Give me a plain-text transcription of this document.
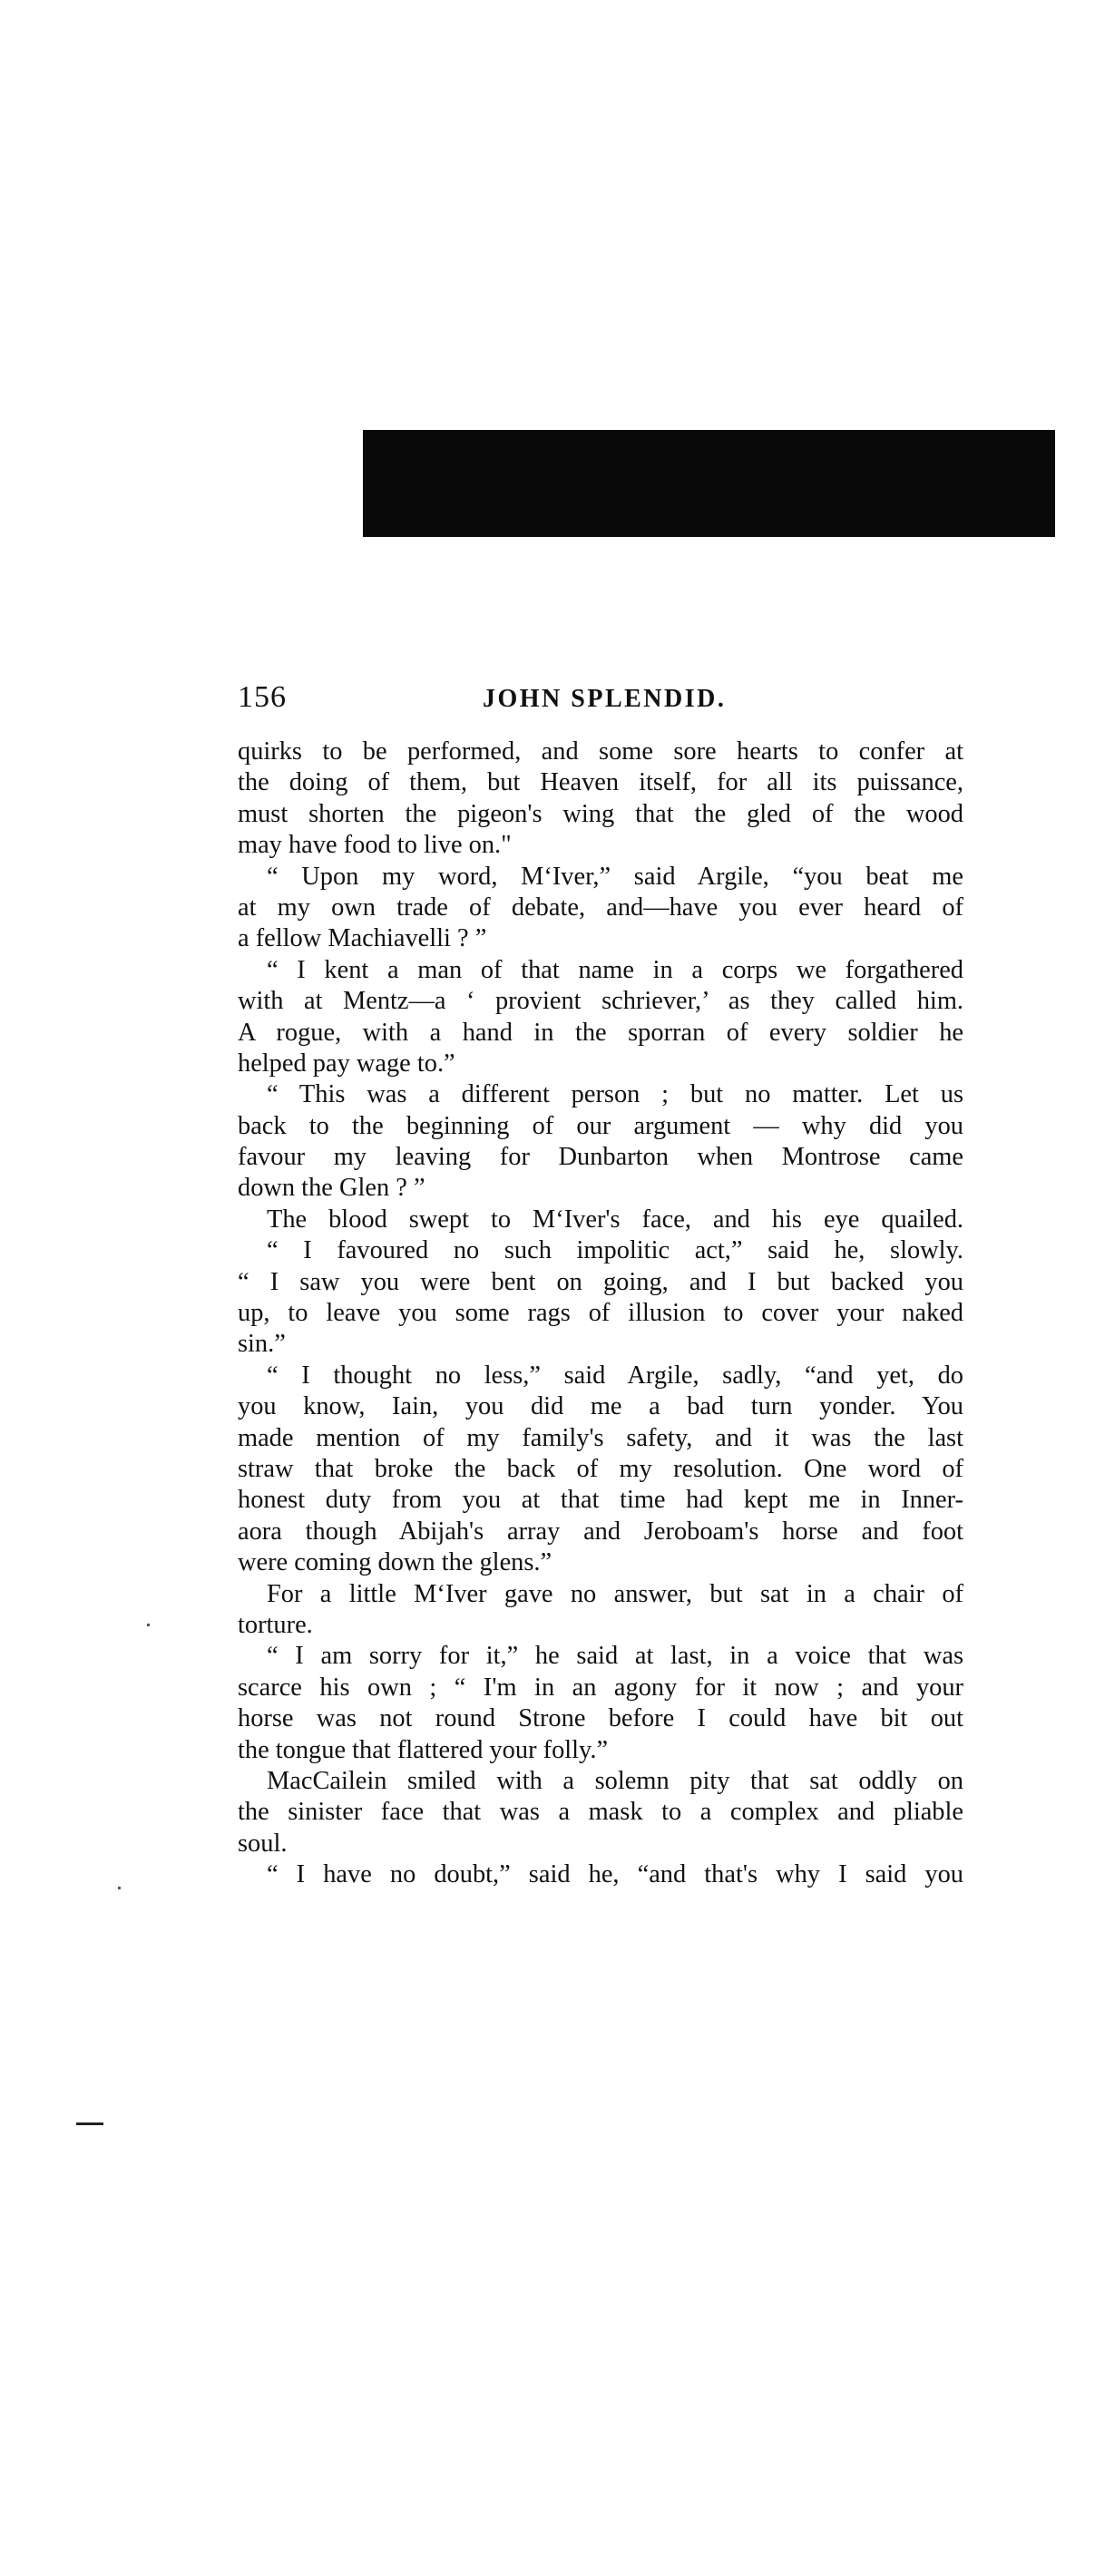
156	JOHN SPLENDID.
quirks to be performed, and some sore hearts to confer at
the doing of them, but Heaven itself, for all its puissance,
must shorten the pigeon's wing that the gled of the wood
may have food to live on."
“ Upon my word, M‘Iver,” said Argile, “you beat me
at my own trade of debate, and—have you ever heard of
a fellow Machiavelli ? ”
“ I kent a man of that name in a corps we forgathered
with at Mentz—a ‘ provient schriever,’ as they called him.
A rogue, with a hand in the sporran of every soldier he
helped pay wage to.”
“ This was a different person ; but no matter. Let us
back to the beginning of our argument — why did you
favour my leaving for Dunbarton when Montrose came
down the Glen ? ”
The blood swept to M‘Iver's face, and his eye quailed.
“ I favoured no such impolitic act,” said he, slowly.
“ I saw you were bent on going, and I but backed you
up, to leave you some rags of illusion to cover your naked
sin.”
“ I thought no less,” said Argile, sadly, “and yet, do
you know, Iain, you did me a bad turn yonder. You
made mention of my family's safety, and it was the last
straw that broke the back of my resolution. One word of
honest duty from you at that time had kept me in Inner-
aora though Abijah's array and Jeroboam's horse and foot
were coming down the glens.”
For a little M‘Iver gave no answer, but sat in a chair of
torture.
“ I am sorry for it,” he said at last, in a voice that was
scarce his own ; “ I'm in an agony for it now ; and your
horse was not round Strone before I could have bit out
the tongue that flattered your folly.”
MacCailein smiled with a solemn pity that sat oddly on
the sinister face that was a mask to a complex and pliable
soul.
“ I have no doubt,” said he, “and that's why I said you
